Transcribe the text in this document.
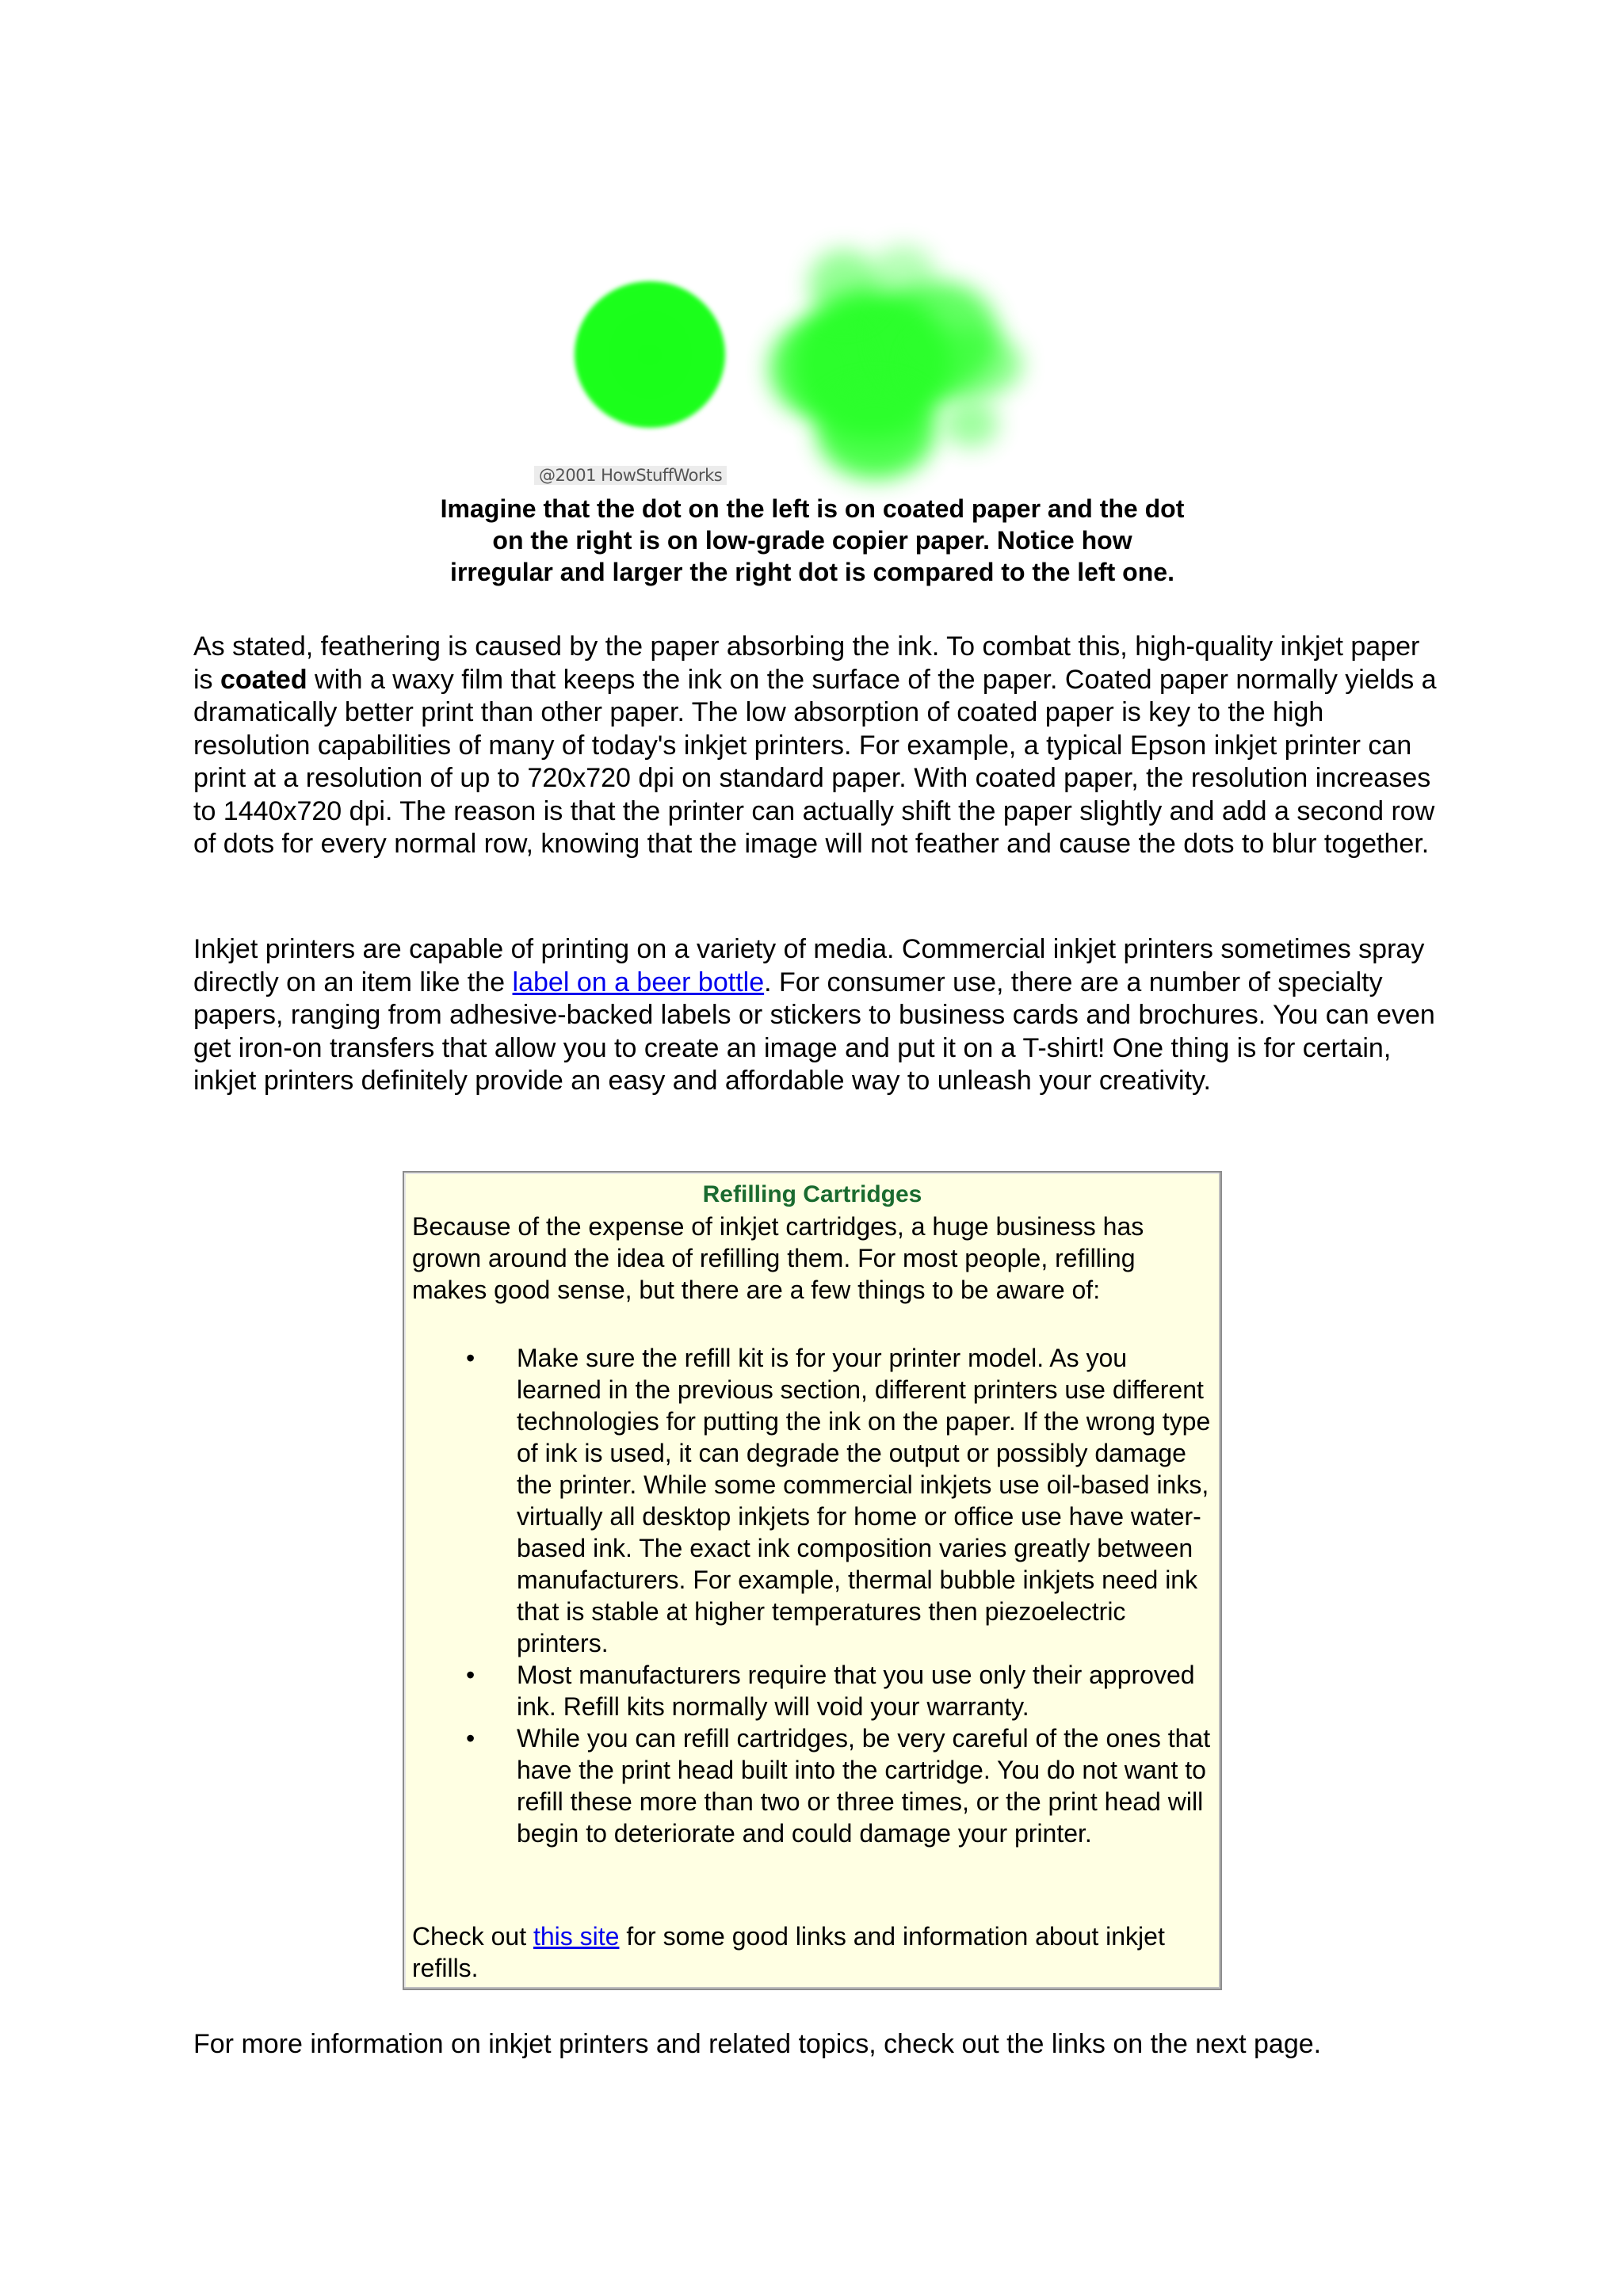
@2001 HowStuffWorks
Imagine that the dot on the left is on coated paper and the dot
on the right is on low-grade copier paper. Notice how
irregular and larger the right dot is compared to the left one.

As stated, feathering is caused by the paper absorbing the ink. To combat this, high-quality inkjet paper is coated with a waxy film that keeps the ink on the surface of the paper. Coated paper normally yields a dramatically better print than other paper. The low absorption of coated paper is key to the high resolution capabilities of many of today's inkjet printers. For example, a typical Epson inkjet printer can print at a resolution of up to 720x720 dpi on standard paper. With coated paper, the resolution increases to 1440x720 dpi. The reason is that the printer can actually shift the paper slightly and add a second row of dots for every normal row, knowing that the image will not feather and cause the dots to blur together.

Inkjet printers are capable of printing on a variety of media. Commercial inkjet printers sometimes spray directly on an item like the label on a beer bottle. For consumer use, there are a number of specialty papers, ranging from adhesive-backed labels or stickers to business cards and brochures. You can even get iron-on transfers that allow you to create an image and put it on a T-shirt! One thing is for certain, inkjet printers definitely provide an easy and affordable way to unleash your creativity.

Refilling Cartridges

Because of the expense of inkjet cartridges, a huge business has grown around the idea of refilling them. For most people, refilling makes good sense, but there are a few things to be aware of:

• Make sure the refill kit is for your printer model. As you learned in the previous section, different printers use different technologies for putting the ink on the paper. If the wrong type of ink is used, it can degrade the output or possibly damage the printer. While some commercial inkjets use oil-based inks, virtually all desktop inkjets for home or office use have water-based ink. The exact ink composition varies greatly between manufacturers. For example, thermal bubble inkjets need ink that is stable at higher temperatures then piezoelectric printers.
• Most manufacturers require that you use only their approved ink. Refill kits normally will void your warranty.
• While you can refill cartridges, be very careful of the ones that have the print head built into the cartridge. You do not want to refill these more than two or three times, or the print head will begin to deteriorate and could damage your printer.

Check out this site for some good links and information about inkjet refills.

For more information on inkjet printers and related topics, check out the links on the next page.
